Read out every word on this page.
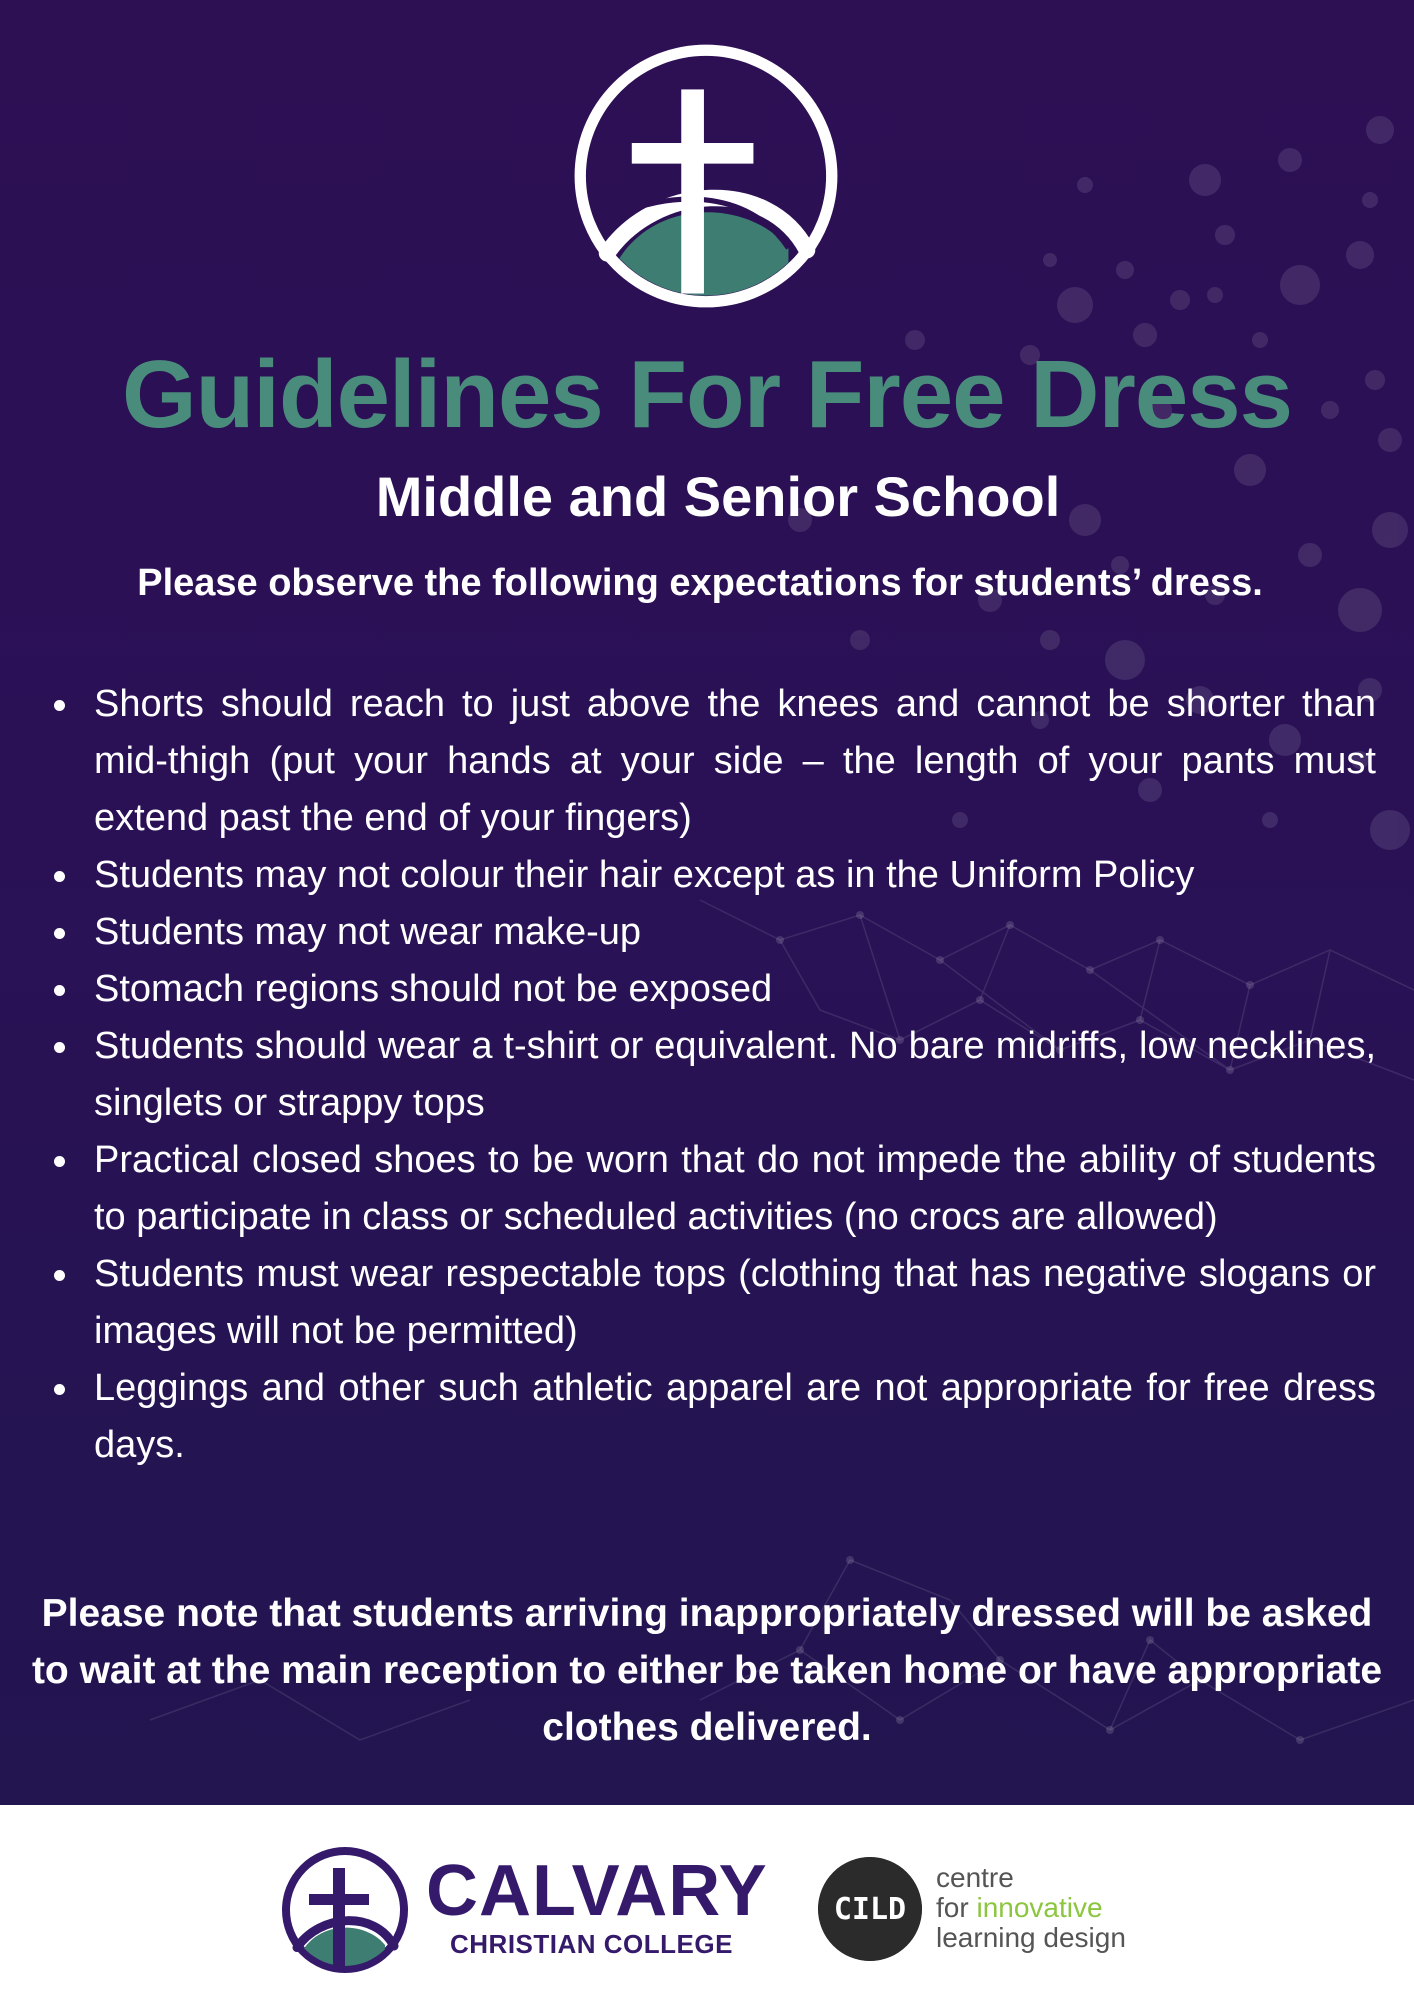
Guidelines For Free Dress
Middle and Senior School

Please observe the following expectations for students’ dress.

Shorts should reach to just above the knees and cannot be shorter than mid-thigh (put your hands at your side – the length of your pants must extend past the end of your fingers)
Students may not colour their hair except as in the Uniform Policy
Students may not wear make-up
Stomach regions should not be exposed
Students should wear a t-shirt or equivalent. No bare midriffs, low necklines, singlets or strappy tops
Practical closed shoes to be worn that do not impede the ability of students to participate in class or scheduled activities (no crocs are allowed)
Students must wear respectable tops (clothing that has negative slogans or images will not be permitted)
Leggings and other such athletic apparel are not appropriate for free dress days.

Please note that students arriving inappropriately dressed will be asked to wait at the main reception to either be taken home or have appropriate clothes delivered.

CALVARY

CHRISTIAN COLLEGE

CILD
centre
for innovative
learning design
